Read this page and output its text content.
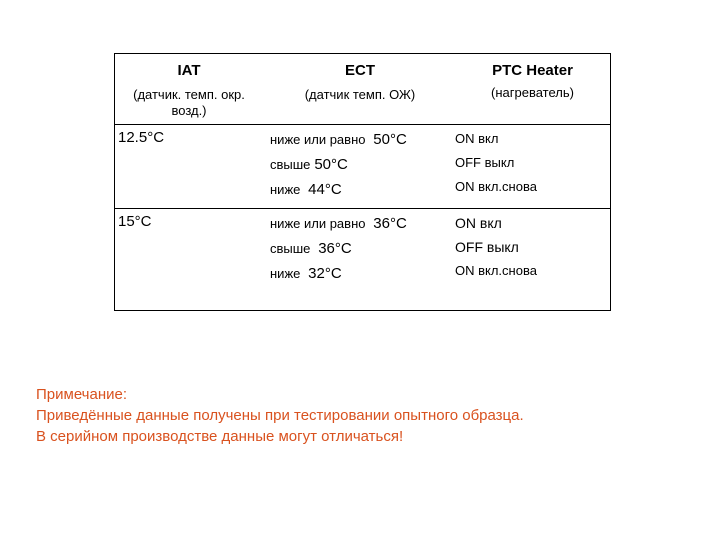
IAT
(датчик. темп. окр. возд.)
ECT
(датчик темп. ОЖ)
PTC Heater
(нагреватель)
12.5°C	ниже или равно 50°C
свыше 50°C
ниже 44°C
ON вкл
OFF выкл
ON вкл.снова
15°C	ниже или равно 36°C
свыше 36°C
ниже 32°C
ON вкл
OFF выкл
ON вкл.снова
Примечание:
Приведённые данные получены при тестировании опытного образца.
В серийном производстве данные могут отличаться!
